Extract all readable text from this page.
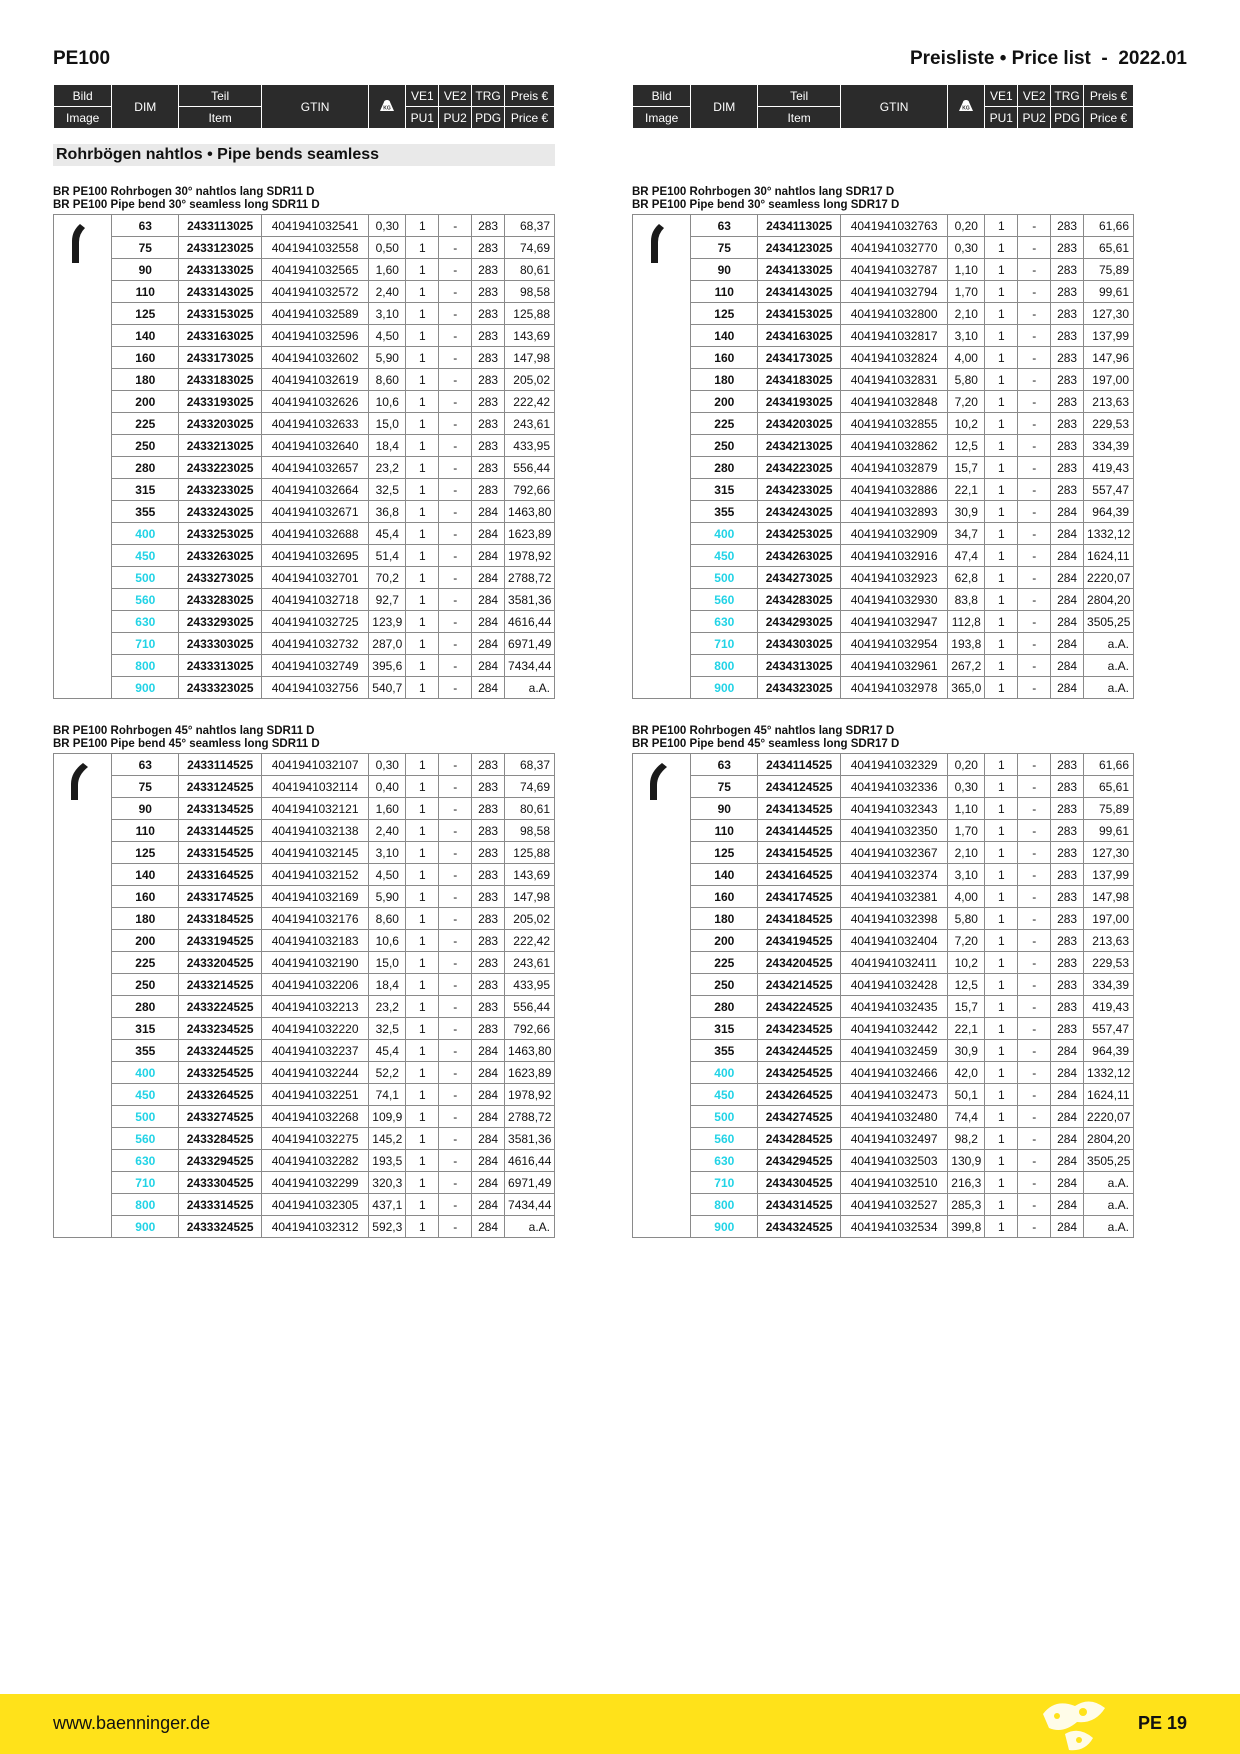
PE100	Preisliste • Price list  -  2022.01
Bild	DIM	Teil	GTIN	KG	VE1	VE2	TRG	Preis €
Image		Item			PU1	PU2	PDG	Price €
Bild	DIM	Teil	GTIN	KG	VE1	VE2	TRG	Preis €
Image		Item			PU1	PU2	PDG	Price €
Rohrbögen nahtlos • Pipe bends seamless
BR PE100 Rohrbogen 30° nahtlos lang SDR11 D
BR PE100 Pipe bend 30° seamless long SDR11 D
	63	2433113025	4041941032541	0,30	1	-	283	68,37
	75	2433123025	4041941032558	0,50	1	-	283	74,69
	90	2433133025	4041941032565	1,60	1	-	283	80,61
	110	2433143025	4041941032572	2,40	1	-	283	98,58
	125	2433153025	4041941032589	3,10	1	-	283	125,88
	140	2433163025	4041941032596	4,50	1	-	283	143,69
	160	2433173025	4041941032602	5,90	1	-	283	147,98
	180	2433183025	4041941032619	8,60	1	-	283	205,02
	200	2433193025	4041941032626	10,6	1	-	283	222,42
	225	2433203025	4041941032633	15,0	1	-	283	243,61
	250	2433213025	4041941032640	18,4	1	-	283	433,95
	280	2433223025	4041941032657	23,2	1	-	283	556,44
	315	2433233025	4041941032664	32,5	1	-	283	792,66
	355	2433243025	4041941032671	36,8	1	-	284	1463,80
	400	2433253025	4041941032688	45,4	1	-	284	1623,89
	450	2433263025	4041941032695	51,4	1	-	284	1978,92
	500	2433273025	4041941032701	70,2	1	-	284	2788,72
	560	2433283025	4041941032718	92,7	1	-	284	3581,36
	630	2433293025	4041941032725	123,9	1	-	284	4616,44
	710	2433303025	4041941032732	287,0	1	-	284	6971,49
	800	2433313025	4041941032749	395,6	1	-	284	7434,44
	900	2433323025	4041941032756	540,7	1	-	284	a.A.
BR PE100 Rohrbogen 30° nahtlos lang SDR17 D
BR PE100 Pipe bend 30° seamless long SDR17 D
	63	2434113025	4041941032763	0,20	1	-	283	61,66
	75	2434123025	4041941032770	0,30	1	-	283	65,61
	90	2434133025	4041941032787	1,10	1	-	283	75,89
	110	2434143025	4041941032794	1,70	1	-	283	99,61
	125	2434153025	4041941032800	2,10	1	-	283	127,30
	140	2434163025	4041941032817	3,10	1	-	283	137,99
	160	2434173025	4041941032824	4,00	1	-	283	147,96
	180	2434183025	4041941032831	5,80	1	-	283	197,00
	200	2434193025	4041941032848	7,20	1	-	283	213,63
	225	2434203025	4041941032855	10,2	1	-	283	229,53
	250	2434213025	4041941032862	12,5	1	-	283	334,39
	280	2434223025	4041941032879	15,7	1	-	283	419,43
	315	2434233025	4041941032886	22,1	1	-	283	557,47
	355	2434243025	4041941032893	30,9	1	-	284	964,39
	400	2434253025	4041941032909	34,7	1	-	284	1332,12
	450	2434263025	4041941032916	47,4	1	-	284	1624,11
	500	2434273025	4041941032923	62,8	1	-	284	2220,07
	560	2434283025	4041941032930	83,8	1	-	284	2804,20
	630	2434293025	4041941032947	112,8	1	-	284	3505,25
	710	2434303025	4041941032954	193,8	1	-	284	a.A.
	800	2434313025	4041941032961	267,2	1	-	284	a.A.
	900	2434323025	4041941032978	365,0	1	-	284	a.A.
BR PE100 Rohrbogen 45° nahtlos lang SDR11 D
BR PE100 Pipe bend 45° seamless long SDR11 D
	63	2433114525	4041941032107	0,30	1	-	283	68,37
	75	2433124525	4041941032114	0,40	1	-	283	74,69
	90	2433134525	4041941032121	1,60	1	-	283	80,61
	110	2433144525	4041941032138	2,40	1	-	283	98,58
	125	2433154525	4041941032145	3,10	1	-	283	125,88
	140	2433164525	4041941032152	4,50	1	-	283	143,69
	160	2433174525	4041941032169	5,90	1	-	283	147,98
	180	2433184525	4041941032176	8,60	1	-	283	205,02
	200	2433194525	4041941032183	10,6	1	-	283	222,42
	225	2433204525	4041941032190	15,0	1	-	283	243,61
	250	2433214525	4041941032206	18,4	1	-	283	433,95
	280	2433224525	4041941032213	23,2	1	-	283	556,44
	315	2433234525	4041941032220	32,5	1	-	283	792,66
	355	2433244525	4041941032237	45,4	1	-	284	1463,80
	400	2433254525	4041941032244	52,2	1	-	284	1623,89
	450	2433264525	4041941032251	74,1	1	-	284	1978,92
	500	2433274525	4041941032268	109,9	1	-	284	2788,72
	560	2433284525	4041941032275	145,2	1	-	284	3581,36
	630	2433294525	4041941032282	193,5	1	-	284	4616,44
	710	2433304525	4041941032299	320,3	1	-	284	6971,49
	800	2433314525	4041941032305	437,1	1	-	284	7434,44
	900	2433324525	4041941032312	592,3	1	-	284	a.A.
BR PE100 Rohrbogen 45° nahtlos lang SDR17 D
BR PE100 Pipe bend 45° seamless long SDR17 D
	63	2434114525	4041941032329	0,20	1	-	283	61,66
	75	2434124525	4041941032336	0,30	1	-	283	65,61
	90	2434134525	4041941032343	1,10	1	-	283	75,89
	110	2434144525	4041941032350	1,70	1	-	283	99,61
	125	2434154525	4041941032367	2,10	1	-	283	127,30
	140	2434164525	4041941032374	3,10	1	-	283	137,99
	160	2434174525	4041941032381	4,00	1	-	283	147,98
	180	2434184525	4041941032398	5,80	1	-	283	197,00
	200	2434194525	4041941032404	7,20	1	-	283	213,63
	225	2434204525	4041941032411	10,2	1	-	283	229,53
	250	2434214525	4041941032428	12,5	1	-	283	334,39
	280	2434224525	4041941032435	15,7	1	-	283	419,43
	315	2434234525	4041941032442	22,1	1	-	283	557,47
	355	2434244525	4041941032459	30,9	1	-	284	964,39
	400	2434254525	4041941032466	42,0	1	-	284	1332,12
	450	2434264525	4041941032473	50,1	1	-	284	1624,11
	500	2434274525	4041941032480	74,4	1	-	284	2220,07
	560	2434284525	4041941032497	98,2	1	-	284	2804,20
	630	2434294525	4041941032503	130,9	1	-	284	3505,25
	710	2434304525	4041941032510	216,3	1	-	284	a.A.
	800	2434314525	4041941032527	285,3	1	-	284	a.A.
	900	2434324525	4041941032534	399,8	1	-	284	a.A.
www.baenninger.de	PE 19
